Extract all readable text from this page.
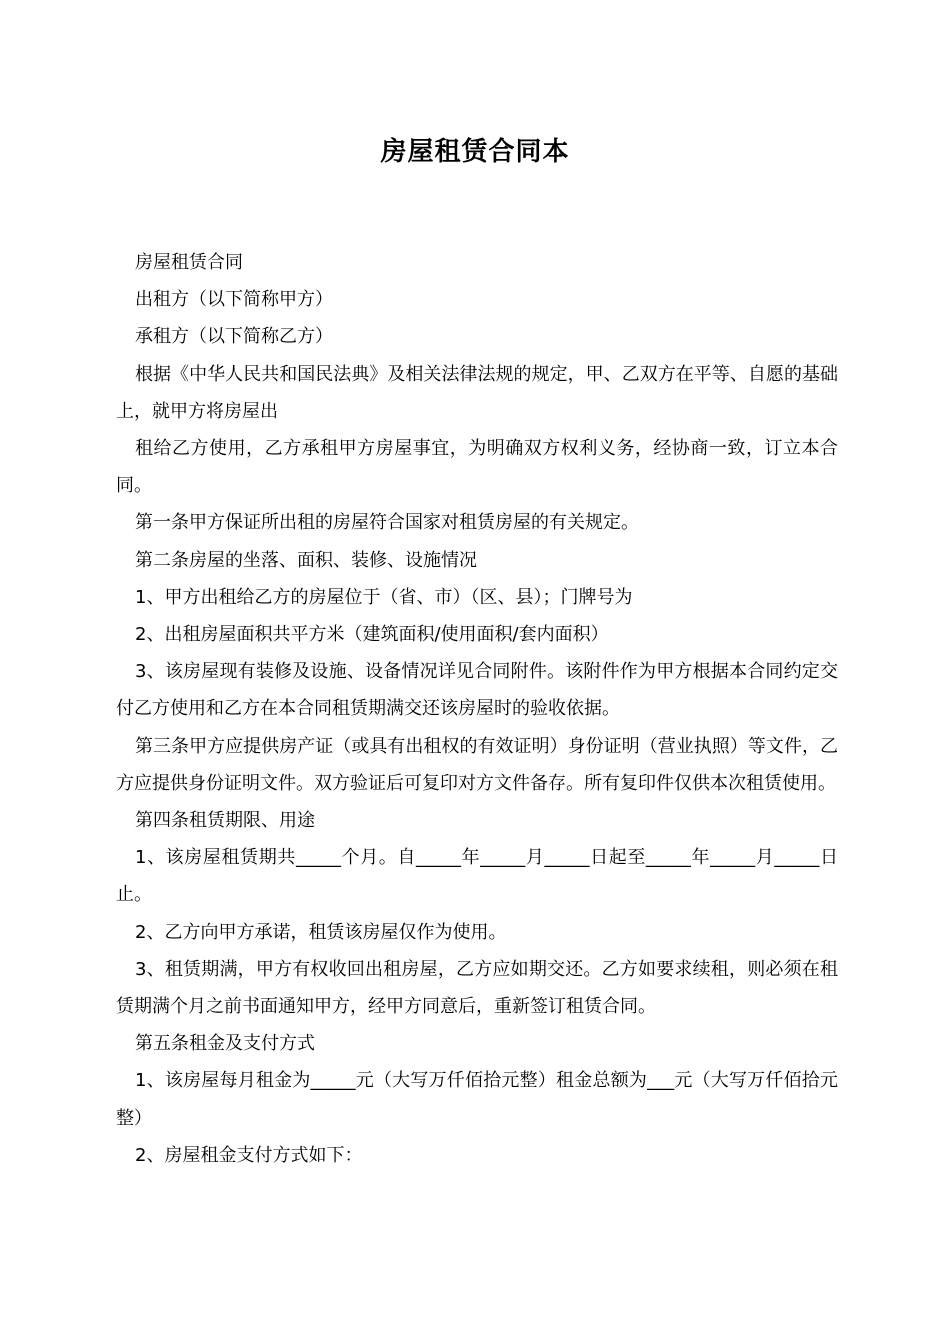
房屋租赁合同本

房屋租赁合同

出租方（以下简称甲方）

承租方（以下简称乙方）

根据《中华人民共和国民法典》及相关法律法规的规定，甲、乙双方在平等、自愿的基础上，就甲方将房屋出

租给乙方使用，乙方承租甲方房屋事宜，为明确双方权利义务，经协商一致，订立本合同。

第一条甲方保证所出租的房屋符合国家对租赁房屋的有关规定。

第二条房屋的坐落、面积、装修、设施情况

1、甲方出租给乙方的房屋位于（省、市）（区、县）；门牌号为

2、出租房屋面积共平方米（建筑面积/使用面积/套内面积）

3、该房屋现有装修及设施、设备情况详见合同附件。该附件作为甲方根据本合同约定交付乙方使用和乙方在本合同租赁期满交还该房屋时的验收依据。

第三条甲方应提供房产证（或具有出租权的有效证明）身份证明（营业执照）等文件，乙方应提供身份证明文件。双方验证后可复印对方文件备存。所有复印件仅供本次租赁使用。

第四条租赁期限、用途

1、该房屋租赁期共_____个月。自_____年_____月_____日起至_____年_____月_____日止。

2、乙方向甲方承诺，租赁该房屋仅作为使用。

3、租赁期满，甲方有权收回出租房屋，乙方应如期交还。乙方如要求续租，则必须在租赁期满个月之前书面通知甲方，经甲方同意后，重新签订租赁合同。

第五条租金及支付方式

1、该房屋每月租金为_____元（大写万仟佰拾元整）租金总额为___元（大写万仟佰拾元整）

2、房屋租金支付方式如下：
